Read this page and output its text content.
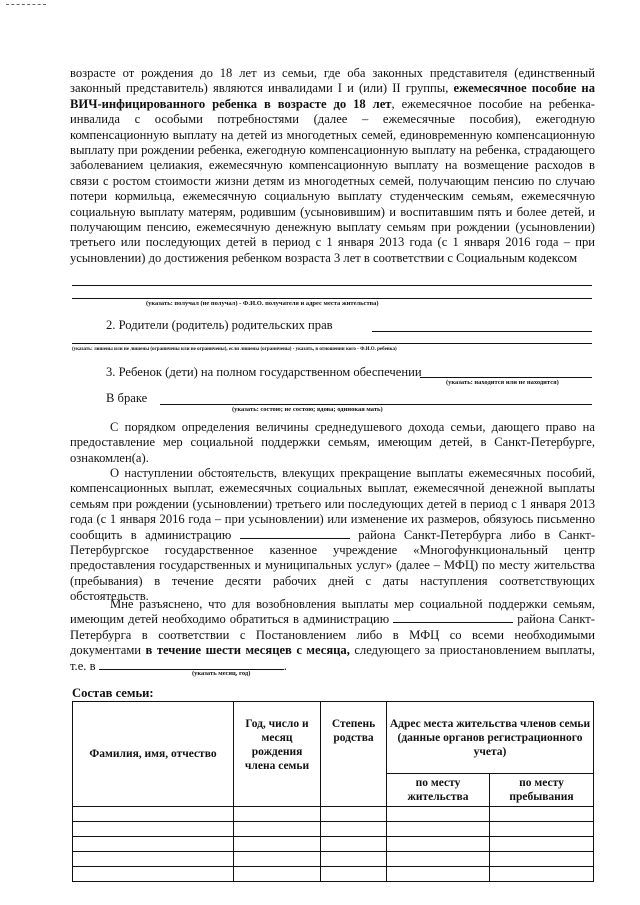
возрасте от рождения до 18 лет из семьи, где оба законных представителя (единственный законный представитель) являются инвалидами I и (или) II группы, ежемесячное пособие на ВИЧ-инфицированного ребенка в возрасте до 18 лет, ежемесячное пособие на ребенка-инвалида с особыми потребностями (далее – ежемесячные пособия), ежегодную компенсационную выплату на детей из многодетных семей, единовременную компенсационную выплату при рождении ребенка, ежегодную компенсационную выплату на ребенка, страдающего заболеванием целиакия, ежемесячную компенсационную выплату на возмещение расходов в связи с ростом стоимости жизни детям из многодетных семей, получающим пенсию по случаю потери кормильца, ежемесячную социальную выплату студенческим семьям, ежемесячную социальную выплату матерям, родившим (усыновившим) и воспитавшим пять и более детей, и получающим пенсию, ежемесячную денежную выплату семьям при рождении (усыновлении) третьего или последующих детей в период с 1 января 2013 года (с 1 января 2016 года – при усыновлении) до достижения ребенком возраста 3 лет в соответствии с Социальным кодексом

(указать: получал (не получал) - Ф.И.О. получателя и адрес места жительства)
2. Родители (родитель) родительских прав
(указать: лишены или не лишены (ограничены или не ограничены), если лишены (ограничены) - указать, в отношении кого - Ф.И.О. ребенка)
3. Ребенок (дети) на полном государственном обеспечении
(указать: находится или не находится)
В браке
(указать: состою; не состою; вдова; одинокая мать)

С порядком определения величины среднедушевого дохода семьи, дающего право на предоставление мер социальной поддержки семьям, имеющим детей, в Санкт-Петербурге, ознакомлен(а).

О наступлении обстоятельств, влекущих прекращение выплаты ежемесячных пособий, компенсационных выплат, ежемесячных социальных выплат, ежемесячной денежной выплаты семьям при рождении (усыновлении) третьего или последующих детей в период с 1 января 2013 года (с 1 января 2016 года – при усыновлении) или изменение их размеров, обязуюсь письменно сообщить в администрацию	района Санкт-Петербурга либо в Санкт-Петербургское государственное казенное учреждение «Многофункциональный центр предоставления государственных и муниципальных услуг» (далее – МФЦ) по месту жительства (пребывания) в течение десяти рабочих дней с даты наступления соответствующих обстоятельств.

Мне разъяснено, что для возобновления выплаты мер социальной поддержки семьям, имеющим детей необходимо обратиться в администрацию	района Санкт-Петербурга в соответствии с Постановлением либо в МФЦ со всеми необходимыми документами в течение шести месяцев с месяца, следующего за приостановлением выплаты, т.е. в	.

(указать месяц, год)
Состав семьи:
Фамилия, имя, отчество	Год, число и месяц рождения члена семьи	Степень родства	Адрес места жительства членов семьи (данные органов регистрационного учета)	
			по месту жительства	по месту пребывания
